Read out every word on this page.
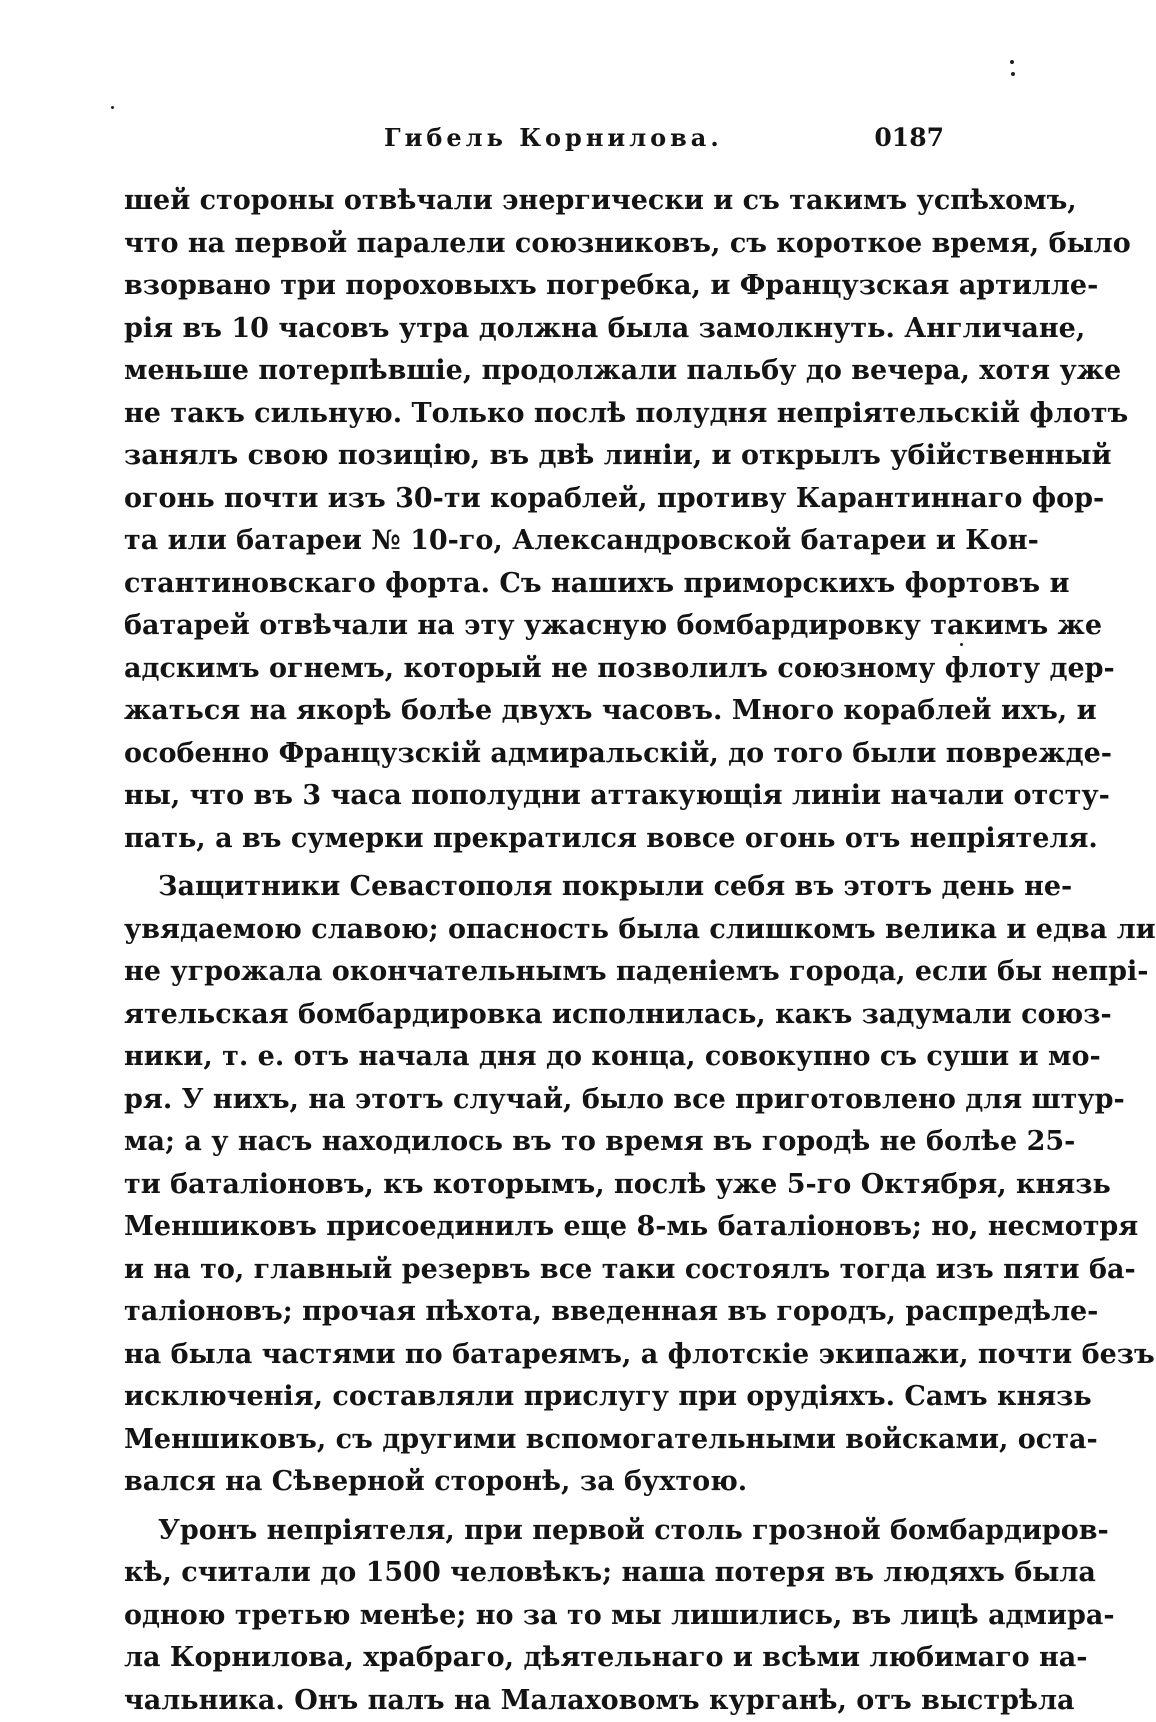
Гибель Корнилова.	0187
шей стороны отвѣчали энергически и съ такимъ успѣхомъ,
что на первой паралели союзниковъ, съ короткое время, было
взорвано три пороховыхъ погребка, и Французская артилле-
рія въ 10 часовъ утра должна была замолкнуть. Англичане,
меньше потерпѣвшіе, продолжали пальбу до вечера, хотя уже
не такъ сильную. Только послѣ полудня непріятельскій флотъ
занялъ свою позицію, въ двѣ линіи, и открылъ убійственный
огонь почти изъ 30-ти кораблей, противу Карантиннаго фор-
та или батареи № 10-го, Александровской батареи и Кон-
стантиновскаго форта. Съ нашихъ приморскихъ фортовъ и
батарей отвѣчали на эту ужасную бомбардировку такимъ же
адскимъ огнемъ, который не позволилъ союзному флоту дер-
жаться на якорѣ болѣе двухъ часовъ. Много кораблей ихъ, и
особенно Французскій адмиральскій, до того были поврежде-
ны, что въ 3 часа пополудни аттакующія линіи начали отсту-
пать, а въ сумерки прекратился вовсе огонь отъ непріятеля.
Защитники Севастополя покрыли себя въ этотъ день не-
увядаемою славою; опасность была слишкомъ велика и едва ли
не угрожала окончательнымъ паденіемъ города, если бы непрі-
ятельская бомбардировка исполнилась, какъ задумали союз-
ники, т. е. отъ начала дня до конца, совокупно съ суши и мо-
ря. У нихъ, на этотъ случай, было все приготовлено для штур-
ма; а у насъ находилось въ то время въ городѣ не болѣе 25-
ти баталіоновъ, къ которымъ, послѣ уже 5-го Октября, князь
Меншиковъ присоединилъ еще 8-мь баталіоновъ; но, несмотря
и на то, главный резервъ все таки состоялъ тогда изъ пяти ба-
таліоновъ; прочая пѣхота, введенная въ городъ, распредѣле-
на была частями по батареямъ, а флотскіе экипажи, почти безъ
исключенія, составляли прислугу при орудіяхъ. Самъ князь
Меншиковъ, съ другими вспомогательными войсками, оста-
вался на Сѣверной сторонѣ, за бухтою.
Уронъ непріятеля, при первой столь грозной бомбардиров-
кѣ, считали до 1500 человѣкъ; наша потеря въ людяхъ была
одною третью менѣе; но за то мы лишились, въ лицѣ адмира-
ла Корнилова, храбраго, дѣятельнаго и всѣми любимаго на-
чальника. Онъ палъ на Малаховомъ курганѣ, отъ выстрѣла
